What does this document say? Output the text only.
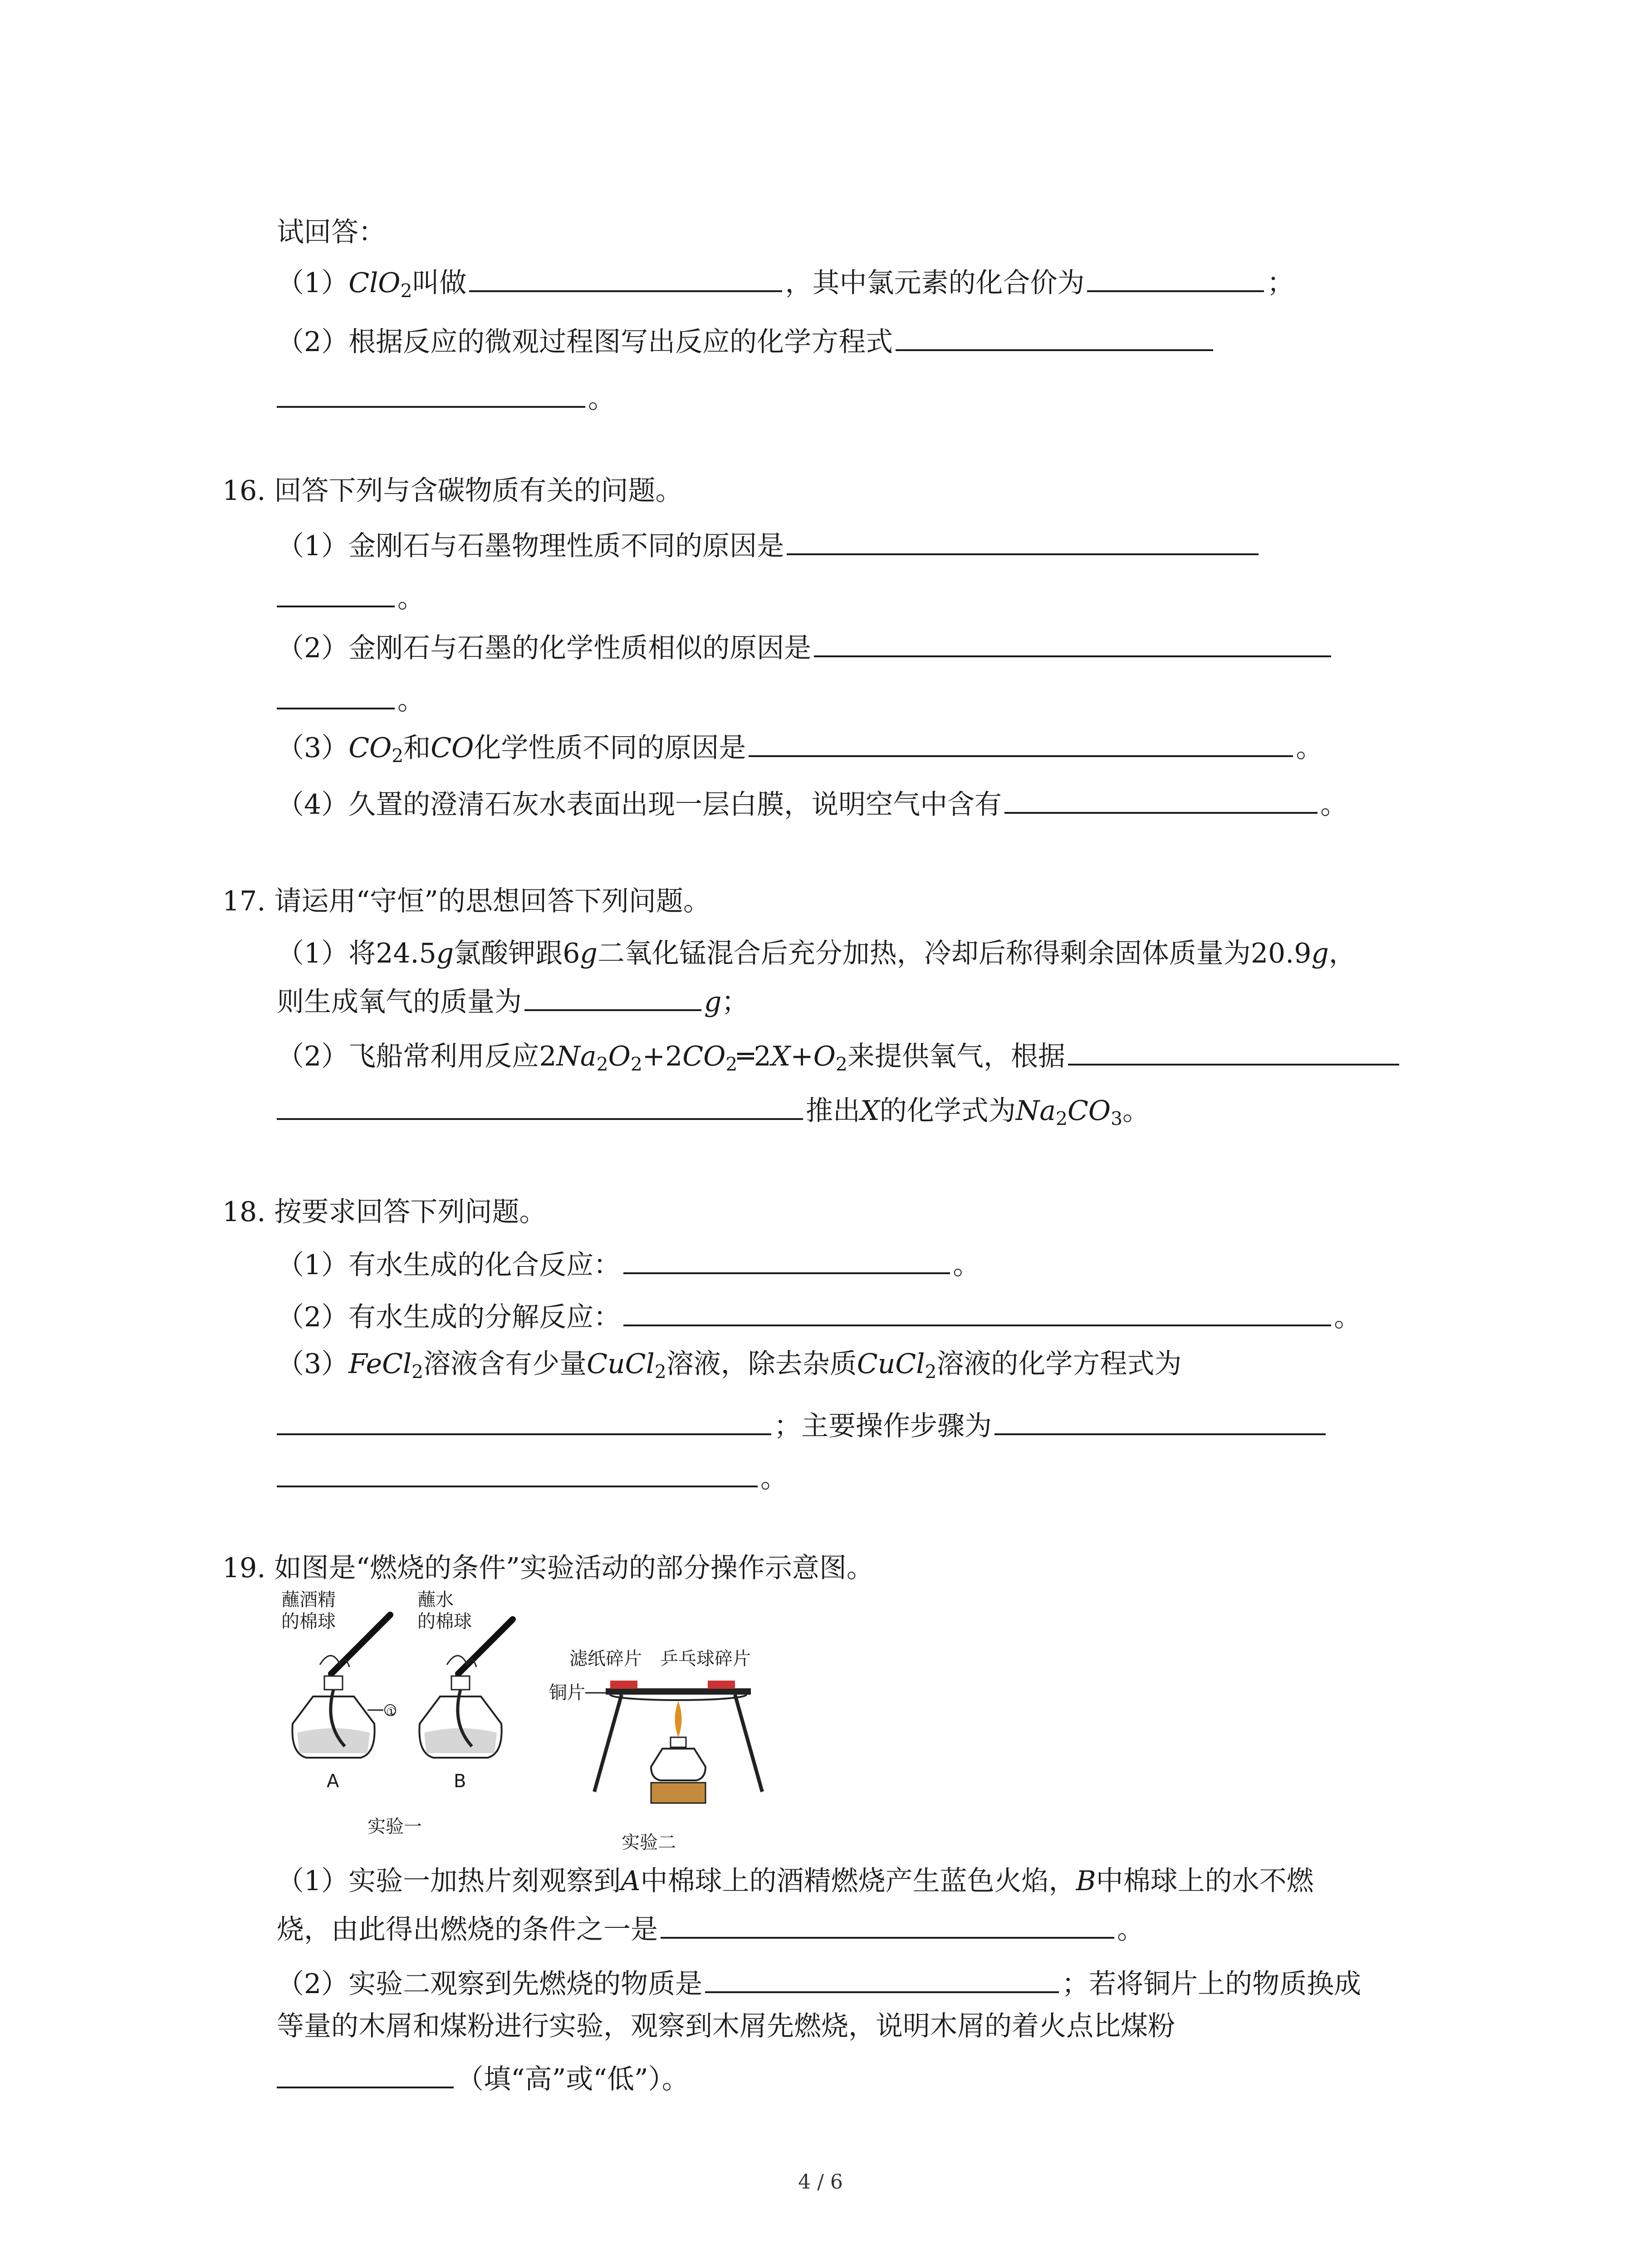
试回答：
（1）ClO$_2$叫做	，其中氯元素的化合价为	；
（2）根据反应的微观过程图写出反应的化学方程式
。
16. 回答下列与含碳物质有关的问题。
（1）金刚石与石墨物理性质不同的原因是
。
（2）金刚石与石墨的化学性质相似的原因是
。
$(3)CO_2$和CO化学性质不同的原因是	。
（4）久置的澄清石灰水表面出现一层白膜，说明空气中含有	。
17. 请运用“守恒”的思想回答下列问题。
（1）将24.5g氯酸钾跟6g二氧化锰混合后充分加热，冷却后称得剩余固体质量为20.9g，
则生成氧气的质量为	g；
（2）飞船常利用反应$2Na_2O_2+2CO_2═2X+O_2$来提供氧气，根据
推出X的化学式为$Na_2CO_3$。
18. 按要求回答下列问题。
（1）有水生成的化合反应：	。
（2）有水生成的分解反应：	。
（3）FeCl$_2$溶液含有少量CuCl$_2$溶液，除去杂质CuCl$_2$溶液的化学方程式为
；主要操作步骤为
。
19. 如图是“燃烧的条件”实验活动的部分操作示意图。
蘸酒精
的棉球
蘸水
的棉球
①
A	B
实验一
滤纸碎片 乒乓球碎片
铜片
实验二
（1）实验一加热片刻观察到A中棉球上的酒精燃烧产生蓝色火焰，B中棉球上的水不燃
烧，由此得出燃烧的条件之一是	。
（2）实验二观察到先燃烧的物质是	；若将铜片上的物质换成
等量的木屑和煤粉进行实验，观察到木屑先燃烧，说明木屑的着火点比煤粉
（填“高”或“低”）。
4 / 6
